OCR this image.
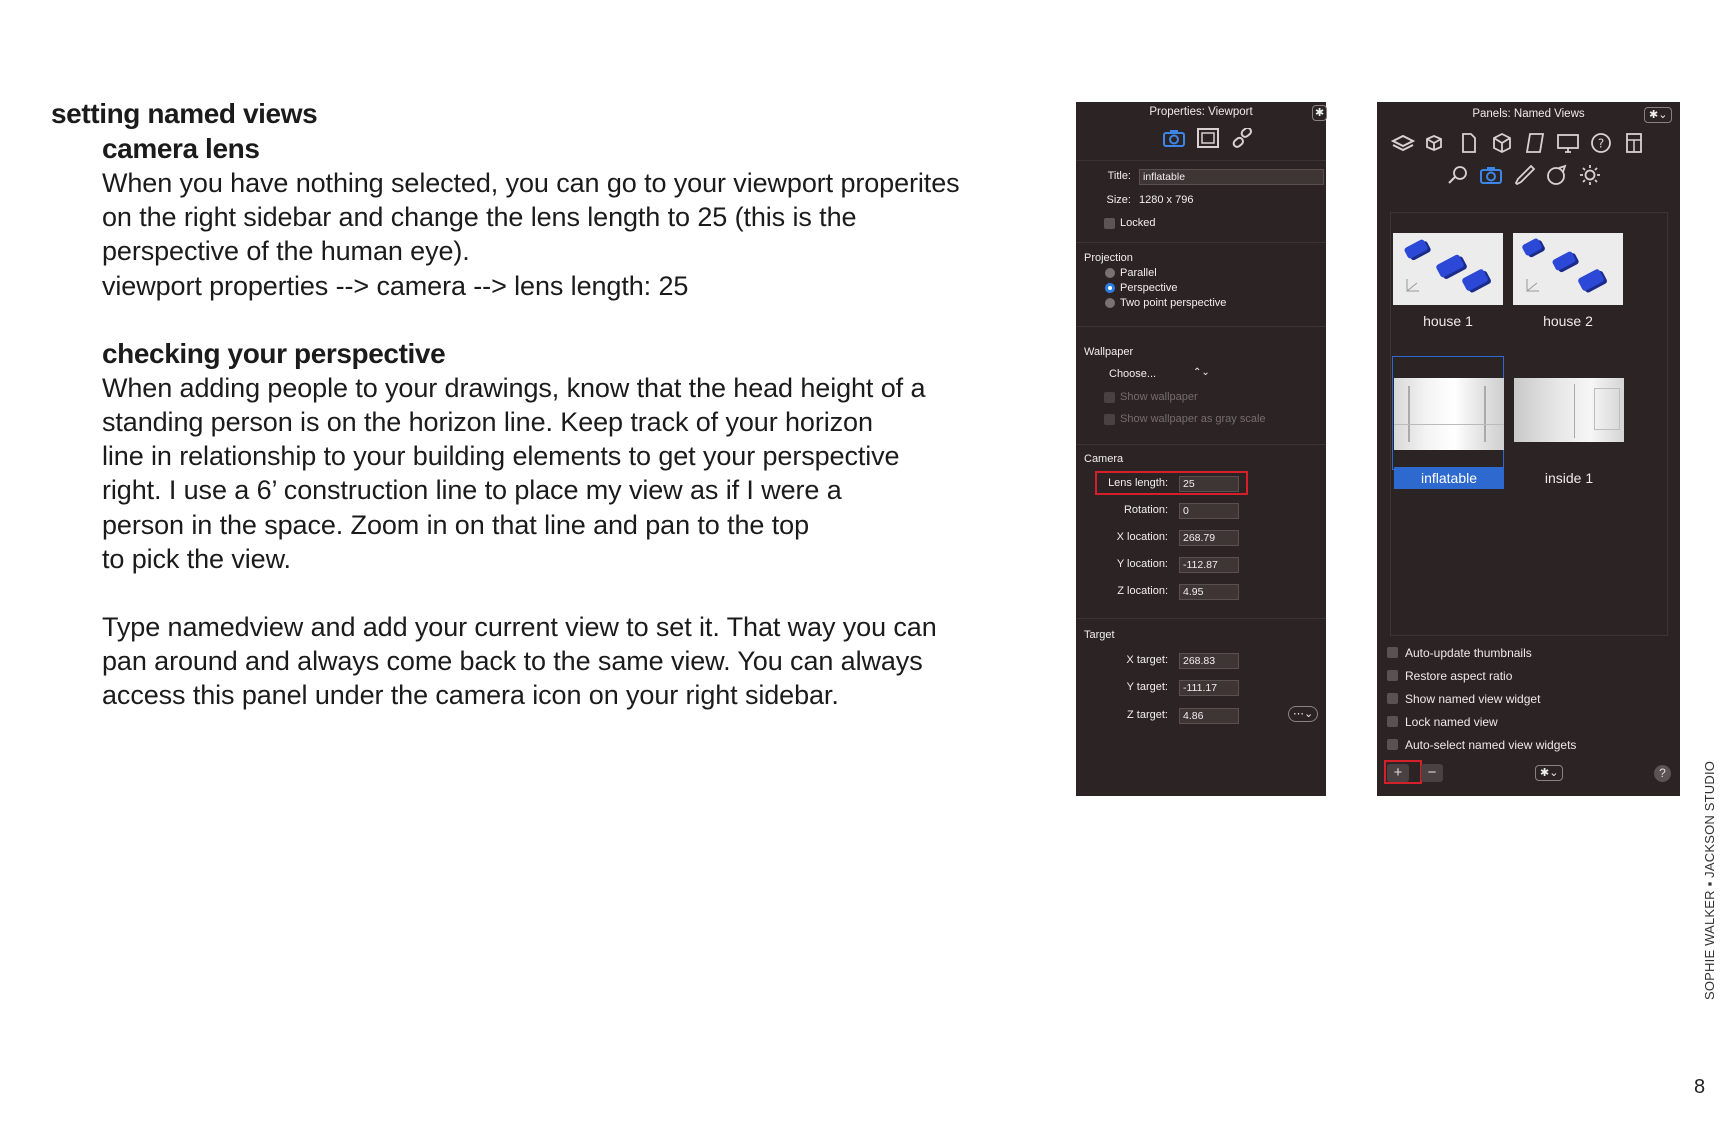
setting named views
camera lens
When you have nothing selected, you can go to your viewport properites
on the right sidebar and change the lens length to 25 (this is the
perspective of the human eye).
viewport properties --> camera --> lens length: 25
checking your perspective
When adding people to your drawings, know that the head height of a
standing person is on the horizon line. Keep track of your horizon
line in relationship to your building elements to get your perspective
right. I use a 6’ construction line to place my view as if I were a
person in the space. Zoom in on that line and pan to the top
to pick the view.
Type namedview and add your current view to set it. That way you can
pan around and always come back to the same view. You can always
access this panel under the camera icon on your right sidebar.
Properties: Viewport	✱
Title:	inflatable
Size: 1280 x 796
Locked
Projection
Parallel
Perspective
Two point perspective
Wallpaper
Choose...	⌃⌄
Show wallpaper
Show wallpaper as gray scale
Camera
Lens length:	25
Rotation:	0
X location:	268.79
Y location:	-112.87
Z location:	4.95
Target
X target:	268.83
Y target:	-111.17
Z target:	4.86	⋯⌄
Panels: Named Views	✱⌄
?
house 1	house 2
inflatable	inside 1
Auto-update thumbnails
Restore aspect ratio
Show named view widget
Lock named view
Auto-select named view widgets
+	−	✱⌄	?	SOPHIE WALKER ▪ JACKSON STUDIO
8
